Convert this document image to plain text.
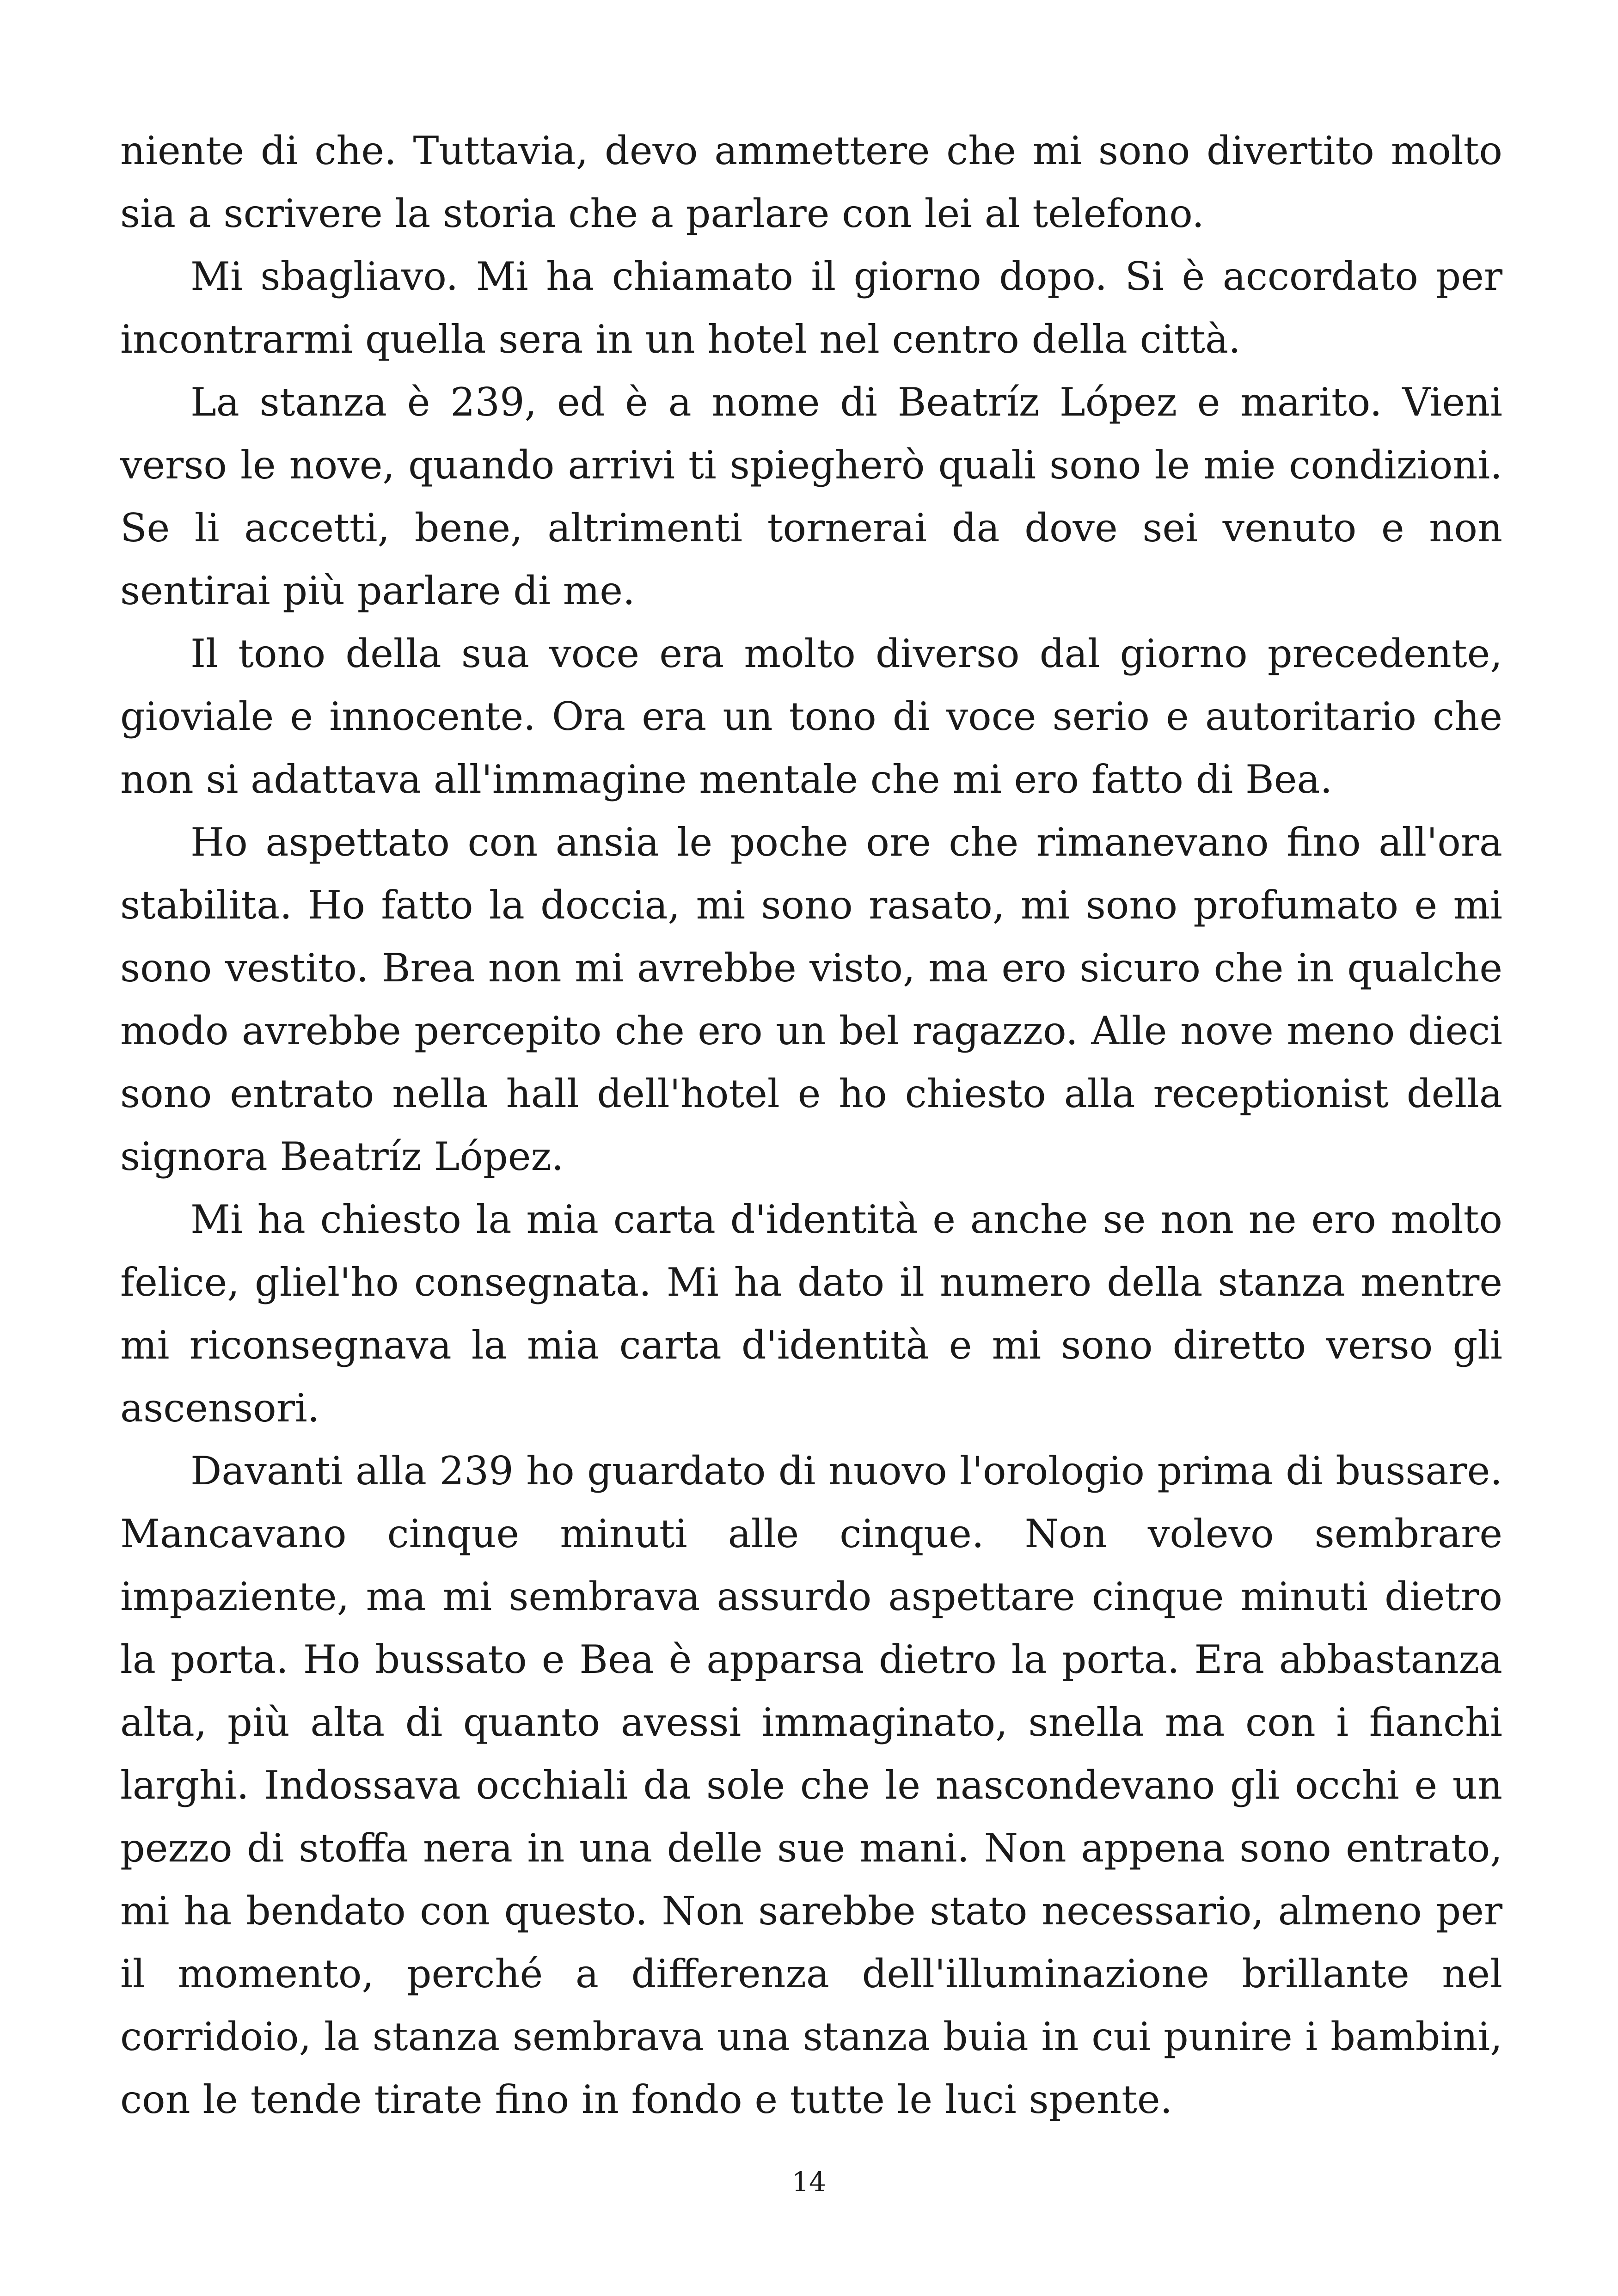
niente di che. Tuttavia, devo ammettere che mi sono divertito molto sia a scrivere la storia che a parlare con lei al telefono.

Mi sbagliavo. Mi ha chiamato il giorno dopo. Si è accordato per incontrarmi quella sera in un hotel nel centro della città.

La stanza è 239, ed è a nome di Beatríz López e marito. Vieni verso le nove, quando arrivi ti spiegherò quali sono le mie condizioni. Se li accetti, bene, altrimenti tornerai da dove sei venuto e non sentirai più parlare di me.

Il tono della sua voce era molto diverso dal giorno precedente, gioviale e innocente. Ora era un tono di voce serio e autoritario che non si adattava all'immagine mentale che mi ero fatto di Bea.

Ho aspettato con ansia le poche ore che rimanevano fino all'ora stabilita. Ho fatto la doccia, mi sono rasato, mi sono profumato e mi sono vestito. Brea non mi avrebbe visto, ma ero sicuro che in qualche modo avrebbe percepito che ero un bel ragazzo. Alle nove meno dieci sono entrato nella hall dell'hotel e ho chiesto alla receptionist della signora Beatríz López.

Mi ha chiesto la mia carta d'identità e anche se non ne ero molto felice, gliel'ho consegnata. Mi ha dato il numero della stanza mentre mi riconsegnava la mia carta d'identità e mi sono diretto verso gli ascensori.

Davanti alla 239 ho guardato di nuovo l'orologio prima di bussare. Mancavano cinque minuti alle cinque. Non volevo sembrare impaziente, ma mi sembrava assurdo aspettare cinque minuti dietro la porta. Ho bussato e Bea è apparsa dietro la porta. Era abbastanza alta, più alta di quanto avessi immaginato, snella ma con i fianchi larghi. Indossava occhiali da sole che le nascondevano gli occhi e un pezzo di stoffa nera in una delle sue mani. Non appena sono entrato, mi ha bendato con questo. Non sarebbe stato necessario, almeno per il momento, perché a differenza dell'illuminazione brillante nel corridoio, la stanza sembrava una stanza buia in cui punire i bambini, con le tende tirate fino in fondo e tutte le luci spente.

14
